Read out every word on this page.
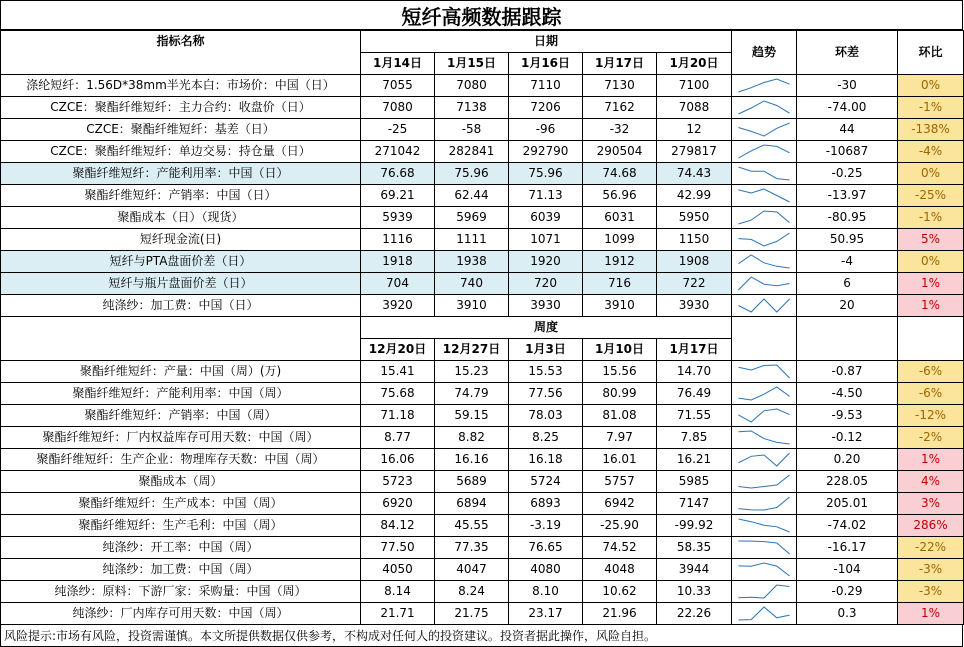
短纤高频数据跟踪
指标名称	日期					趋势	环差	环比
	1月14日	1月15日	1月16日	1月17日	1月20日			
涤纶短纤：1.56D*38mm半光本白：市场价：中国（日）	7055	7080	7110	7130	7100		-30	0%
CZCE：聚酯纤维短纤：主力合约：收盘价（日）	7080	7138	7206	7162	7088		-74.00	-1%
CZCE：聚酯纤维短纤：基差（日）	-25	-58	-96	-32	12		44	-138%
CZCE：聚酯纤维短纤：单边交易：持仓量（日）	271042	282841	292790	290504	279817		-10687	-4%
聚酯纤维短纤：产能利用率：中国（日）	76.68	75.96	75.96	74.68	74.43		-0.25	0%
聚酯纤维短纤：产销率：中国（日）	69.21	62.44	71.13	56.96	42.99		-13.97	-25%
聚酯成本（日）（现货）	5939	5969	6039	6031	5950		-80.95	-1%
短纤现金流(日)	1116	1111	1071	1099	1150		50.95	5%
短纤与PTA盘面价差（日）	1918	1938	1920	1912	1908		-4	0%
短纤与瓶片盘面价差（日）	704	740	720	716	722		6	1%
纯涤纱：加工费：中国（日）	3920	3910	3930	3910	3930		20	1%
	周度							
	12月20日	12月27日	1月3日	1月10日	1月17日			
聚酯纤维短纤：产量：中国（周）(万)	15.41	15.23	15.53	15.56	14.70		-0.87	-6%
聚酯纤维短纤：产能利用率：中国（周）	75.68	74.79	77.56	80.99	76.49		-4.50	-6%
聚酯纤维短纤：产销率：中国（周）	71.18	59.15	78.03	81.08	71.55		-9.53	-12%
聚酯纤维短纤：厂内权益库存可用天数：中国（周）	8.77	8.82	8.25	7.97	7.85		-0.12	-2%
聚酯纤维短纤：生产企业：物理库存天数：中国（周）	16.06	16.16	16.18	16.01	16.21		0.20	1%
聚酯成本（周）	5723	5689	5724	5757	5985		228.05	4%
聚酯纤维短纤：生产成本：中国（周）	6920	6894	6893	6942	7147		205.01	3%
聚酯纤维短纤：生产毛利：中国（周）	84.12	45.55	-3.19	-25.90	-99.92		-74.02	286%
纯涤纱：开工率：中国（周）	77.50	77.35	76.65	74.52	58.35		-16.17	-22%
纯涤纱：加工费：中国（周）	4050	4047	4080	4048	3944		-104	-3%
纯涤纱：原料：下游厂家：采购量：中国（周）	8.14	8.24	8.10	10.62	10.33		-0.29	-3%
纯涤纱：厂内库存可用天数：中国（周）	21.71	21.75	23.17	21.96	22.26		0.3	1%
风险提示:市场有风险，投资需谨慎。本文所提供数据仅供参考，不构成对任何人的投资建议。投资者据此操作，风险自担。
